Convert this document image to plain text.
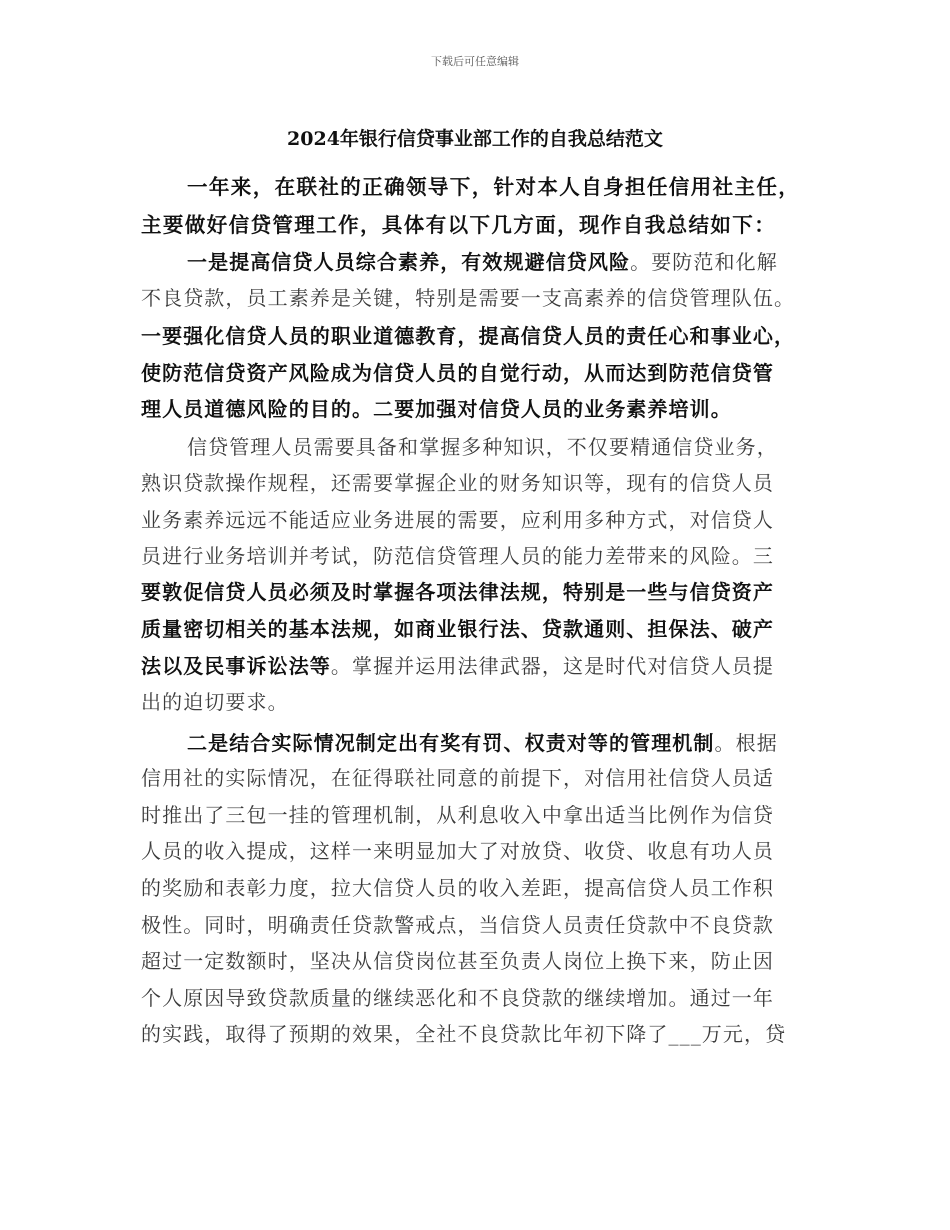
下载后可任意编辑
2024年银行信贷事业部工作的自我总结范文

一年来，在联社的正确领导下，针对本人自身担任信用社主任，

主要做好信贷管理工作，具体有以下几方面，现作自我总结如下：

一是提高信贷人员综合素养，有效规避信贷风险。要防范和化解

不良贷款，员工素养是关键，特别是需要一支高素养的信贷管理队伍。

一要强化信贷人员的职业道德教育，提高信贷人员的责任心和事业心，

使防范信贷资产风险成为信贷人员的自觉行动，从而达到防范信贷管

理人员道德风险的目的。二要加强对信贷人员的业务素养培训。

信贷管理人员需要具备和掌握多种知识，不仅要精通信贷业务，

熟识贷款操作规程，还需要掌握企业的财务知识等，现有的信贷人员

业务素养远远不能适应业务进展的需要，应利用多种方式，对信贷人

员进行业务培训并考试，防范信贷管理人员的能力差带来的风险。三

要敦促信贷人员必须及时掌握各项法律法规，特别是一些与信贷资产

质量密切相关的基本法规，如商业银行法、贷款通则、担保法、破产

法以及民事诉讼法等。掌握并运用法律武器，这是时代对信贷人员提

出的迫切要求。

二是结合实际情况制定出有奖有罚、权责对等的管理机制。根据

信用社的实际情况，在征得联社同意的前提下，对信用社信贷人员适

时推出了三包一挂的管理机制，从利息收入中拿出适当比例作为信贷

人员的收入提成，这样一来明显加大了对放贷、收贷、收息有功人员

的奖励和表彰力度，拉大信贷人员的收入差距，提高信贷人员工作积

极性。同时，明确责任贷款警戒点，当信贷人员责任贷款中不良贷款

超过一定数额时，坚决从信贷岗位甚至负责人岗位上换下来，防止因

个人原因导致贷款质量的继续恶化和不良贷款的继续增加。通过一年

的实践，取得了预期的效果，全社不良贷款比年初下降了___万元，贷
